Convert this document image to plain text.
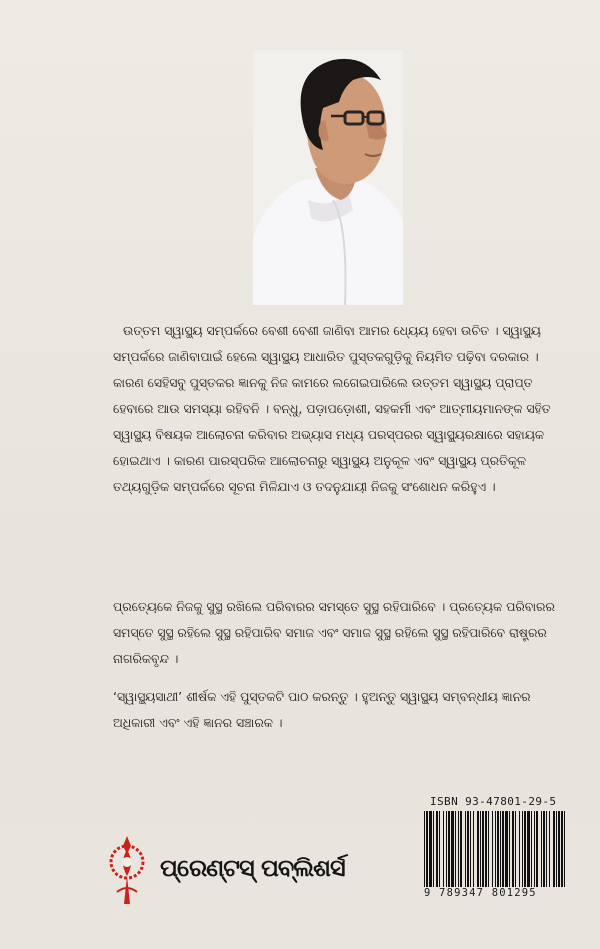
ଉତ୍ତମ ସ୍ୱାସ୍ଥ୍ୟ ସମ୍ପର୍କରେ ବେଶୀ ବେଶୀ ଜାଣିବା ଆମର ଧ୍ୟେୟ ହେବା ଉଚିତ । ସ୍ୱାସ୍ଥ୍ୟ ସମ୍ପର୍କରେ ଜାଣିବାପାଇଁ ହେଲେ ସ୍ୱାସ୍ଥ୍ୟ ଆଧାରିତ ପୁସ୍ତକଗୁଡ଼ିକୁ ନିୟମିତ ପଢ଼ିବା ଦରକାର । କାରଣ ସେହିସବୁ ପୁସ୍ତକର ଜ୍ଞାନକୁ ନିଜ କାମରେ ଲଗେଇପାରିଲେ ଉତ୍ତମ ସ୍ୱାସ୍ଥ୍ୟ ପ୍ରାପ୍ତ ହେବାରେ ଆଉ ସମସ୍ୟା ରହିବନି । ବନ୍ଧୁ, ପଡ଼ାପଡ଼ୋଶୀ, ସହକର୍ମୀ ଏବଂ ଆତ୍ମୀୟମାନଙ୍କ ସହିତ ସ୍ୱାସ୍ଥ୍ୟ ବିଷୟକ ଆଲୋଚନା କରିବାର ଅଭ୍ୟାସ ମଧ୍ୟ ପରସ୍ପରର ସ୍ୱାସ୍ଥ୍ୟରକ୍ଷାରେ ସହାୟକ ହୋଇଥାଏ । କାରଣ ପାରସ୍ପରିକ ଆଲୋଚନାରୁ ସ୍ୱାସ୍ଥ୍ୟ ଅନୁକୂଳ ଏବଂ ସ୍ୱାସ୍ଥ୍ୟ ପ୍ରତିକୂଳ ତଥ୍ୟଗୁଡ଼ିକ ସମ୍ପର୍କରେ ସୂଚନା ମିଳିଯାଏ ଓ ତଦନୁଯାୟୀ ନିଜକୁ ସଂଶୋଧନ କରିହୁଏ ।
ପ୍ରତ୍ୟେକେ ନିଜକୁ ସୁସ୍ଥ ରଖିଲେ ପରିବାରର ସମସ୍ତେ ସୁସ୍ଥ ରହିପାରିବେ । ପ୍ରତ୍ୟେକ ପରିବାରର ସମସ୍ତେ ସୁସ୍ଥ ରହିଲେ ସୁସ୍ଥ ରହିପାରିବ ସମାଜ ଏବଂ ସମାଜ ସୁସ୍ଥ ରହିଲେ ସୁସ୍ଥ ରହିପାରିବେ ରାଷ୍ଟ୍ରର ନାଗରିକବୃନ୍ଦ ।
‘ସ୍ୱାସ୍ଥ୍ୟସାଥୀ’ ଶୀର୍ଷକ ଏହି ପୁସ୍ତକଟି ପାଠ କରନ୍ତୁ । ହୁଅନ୍ତୁ ସ୍ୱାସ୍ଥ୍ୟ ସମ୍ବନ୍ଧୀୟ ଜ୍ଞାନର ଅଧିକାରୀ ଏବଂ ଏହି ଜ୍ଞାନର ସଞ୍ଚାରକ ।
ISBN 93-47801-29-5
9 789347 801295
ପ୍ରେଣ୍ଟସ୍ ପବ୍ଲିଶର୍ସ
